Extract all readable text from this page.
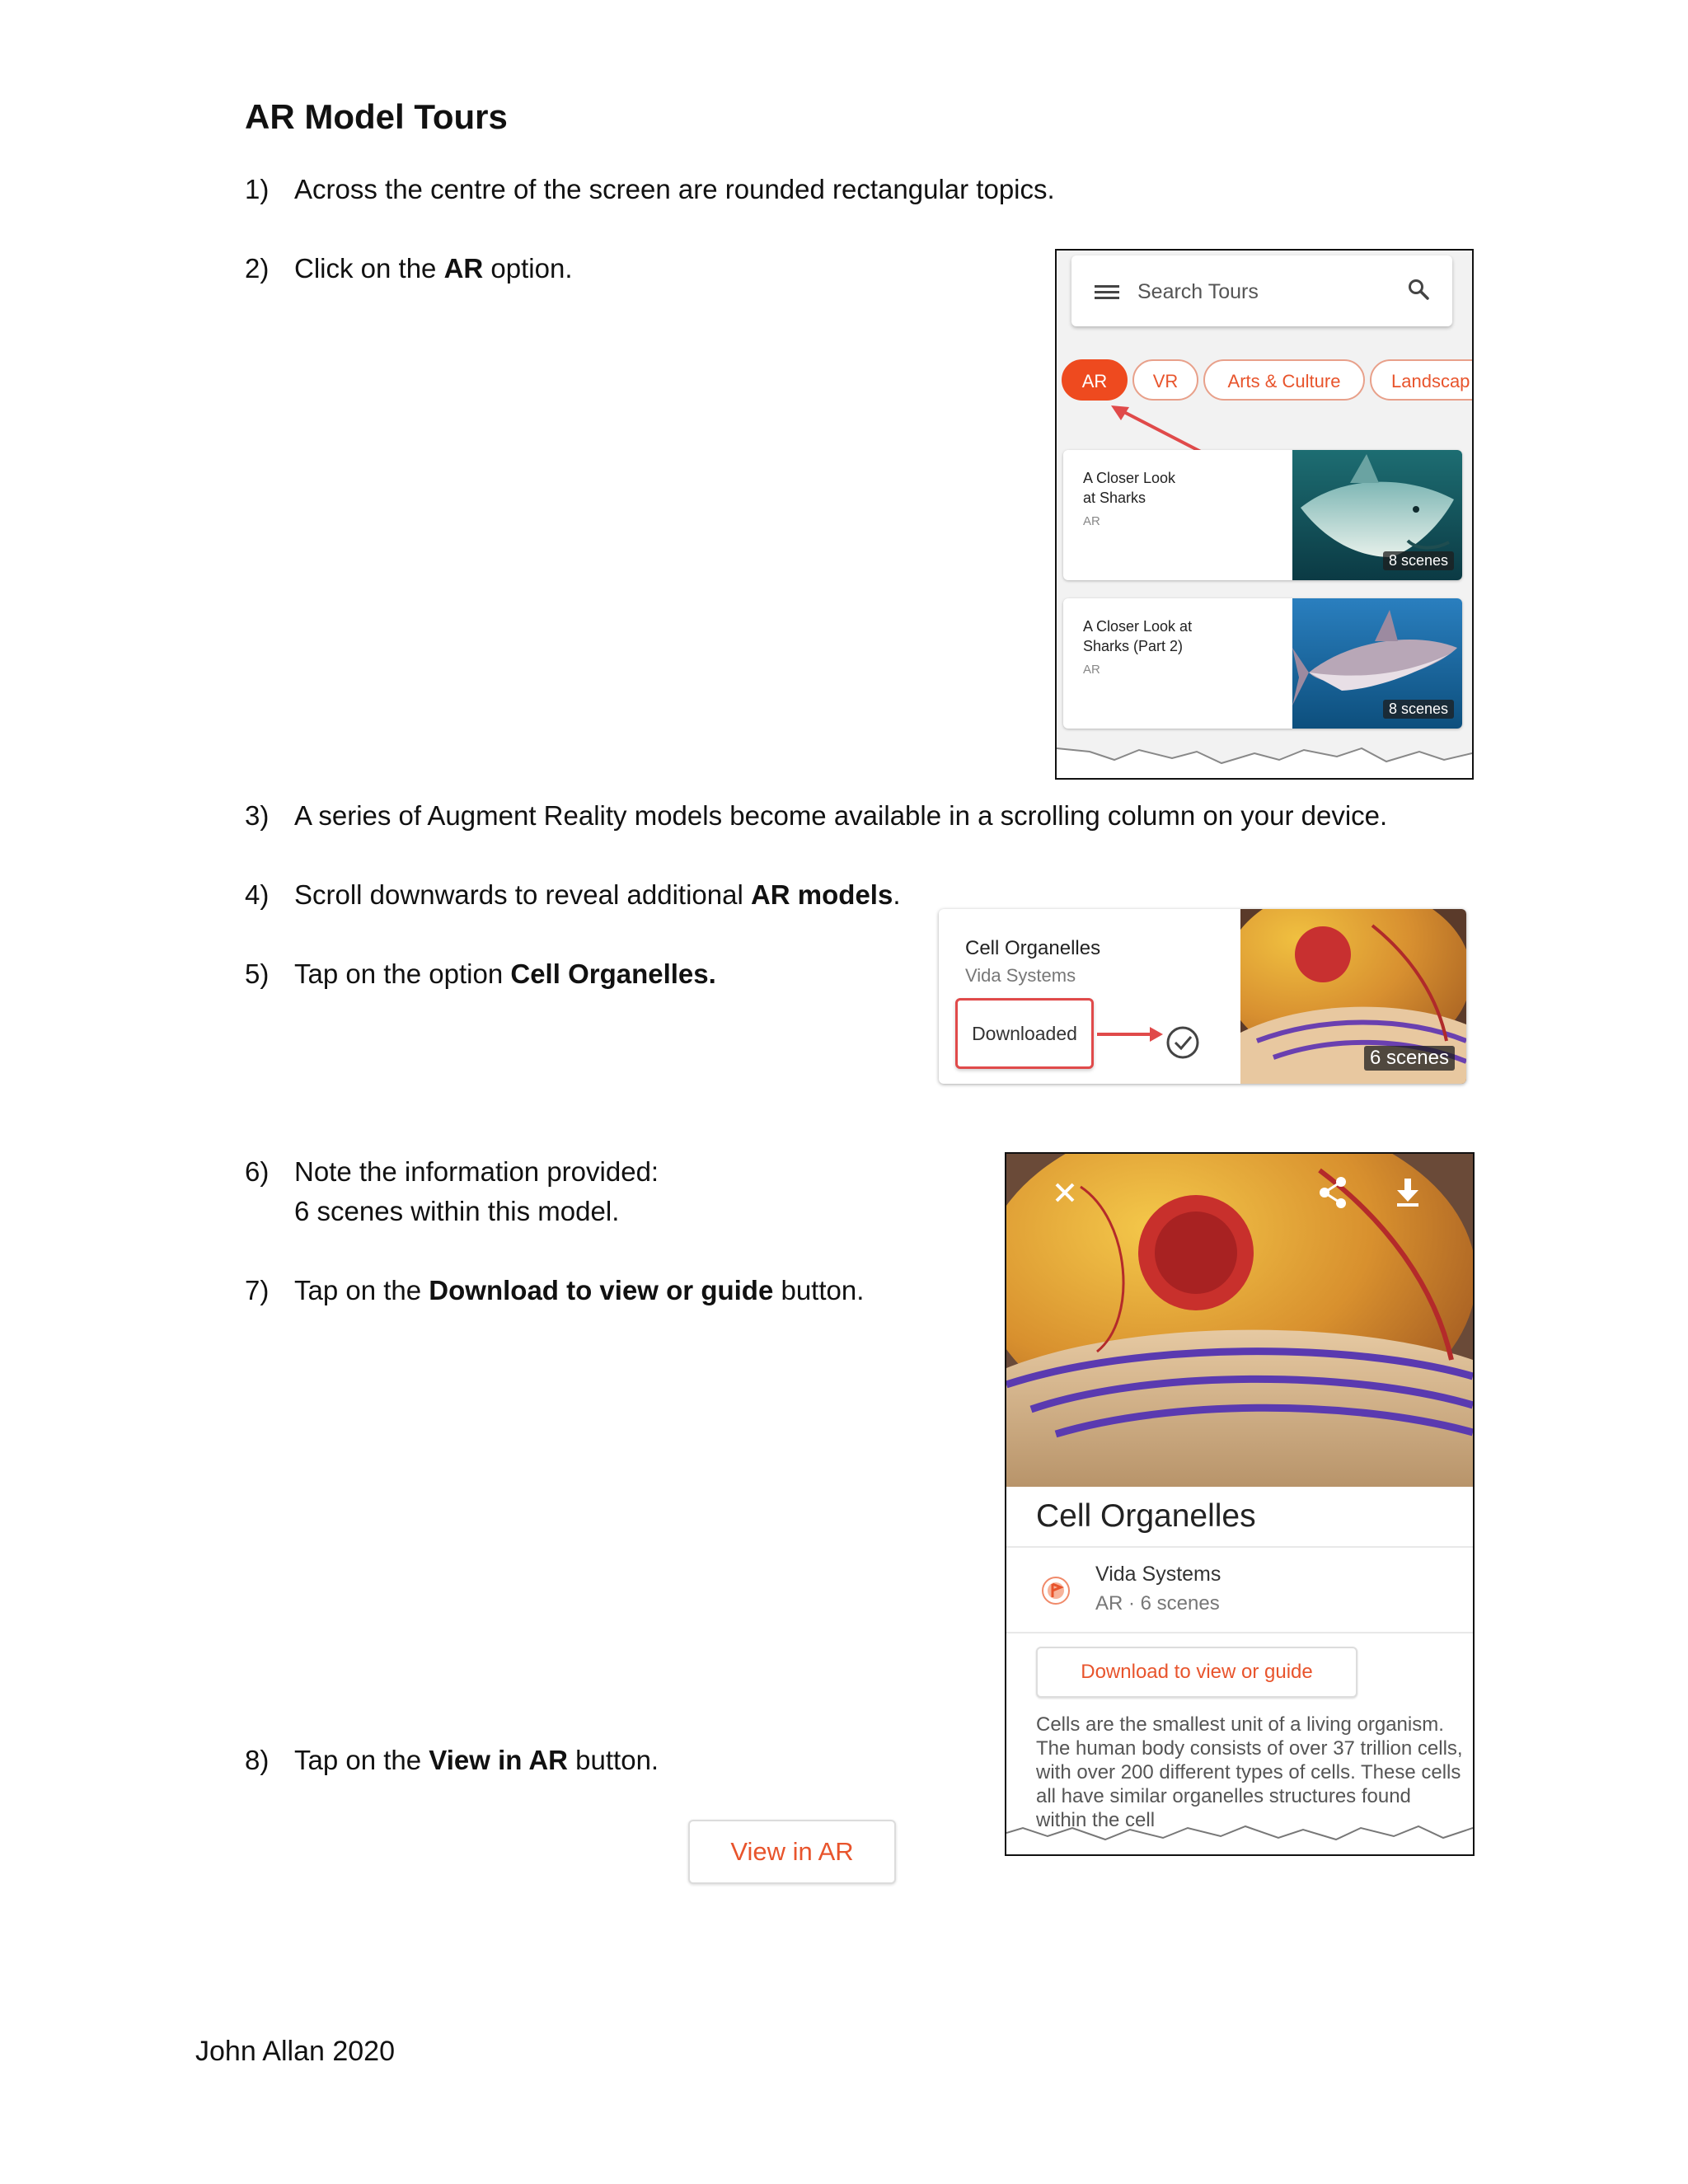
AR Model Tours
1) Across the centre of the screen are rounded rectangular topics.
2) Click on the AR option.
3) A series of Augment Reality models become available in a scrolling column on your device.
4) Scroll downwards to reveal additional AR models.
5) Tap on the option Cell Organelles.
6) Note the information provided:
6 scenes within this model.
7) Tap on the Download to view or guide button.
8) Tap on the View in AR button.
Search Tours
AR	VR	Arts & Culture	Landscap
A Closer Look
at Sharks
AR
8 scenes
A Closer Look at
Sharks (Part 2)
AR
8 scenes
Cell Organelles
Vida Systems
Downloaded
6 scenes
Cell Organelles
Vida Systems
AR · 6 scenes
Download to view or guide
Cells are the smallest unit of a living organism. The human body consists of over 37 trillion cells, with over 200 different types of cells. These cells all have similar organelles structures found within the cell
View in AR
John Allan 2020
